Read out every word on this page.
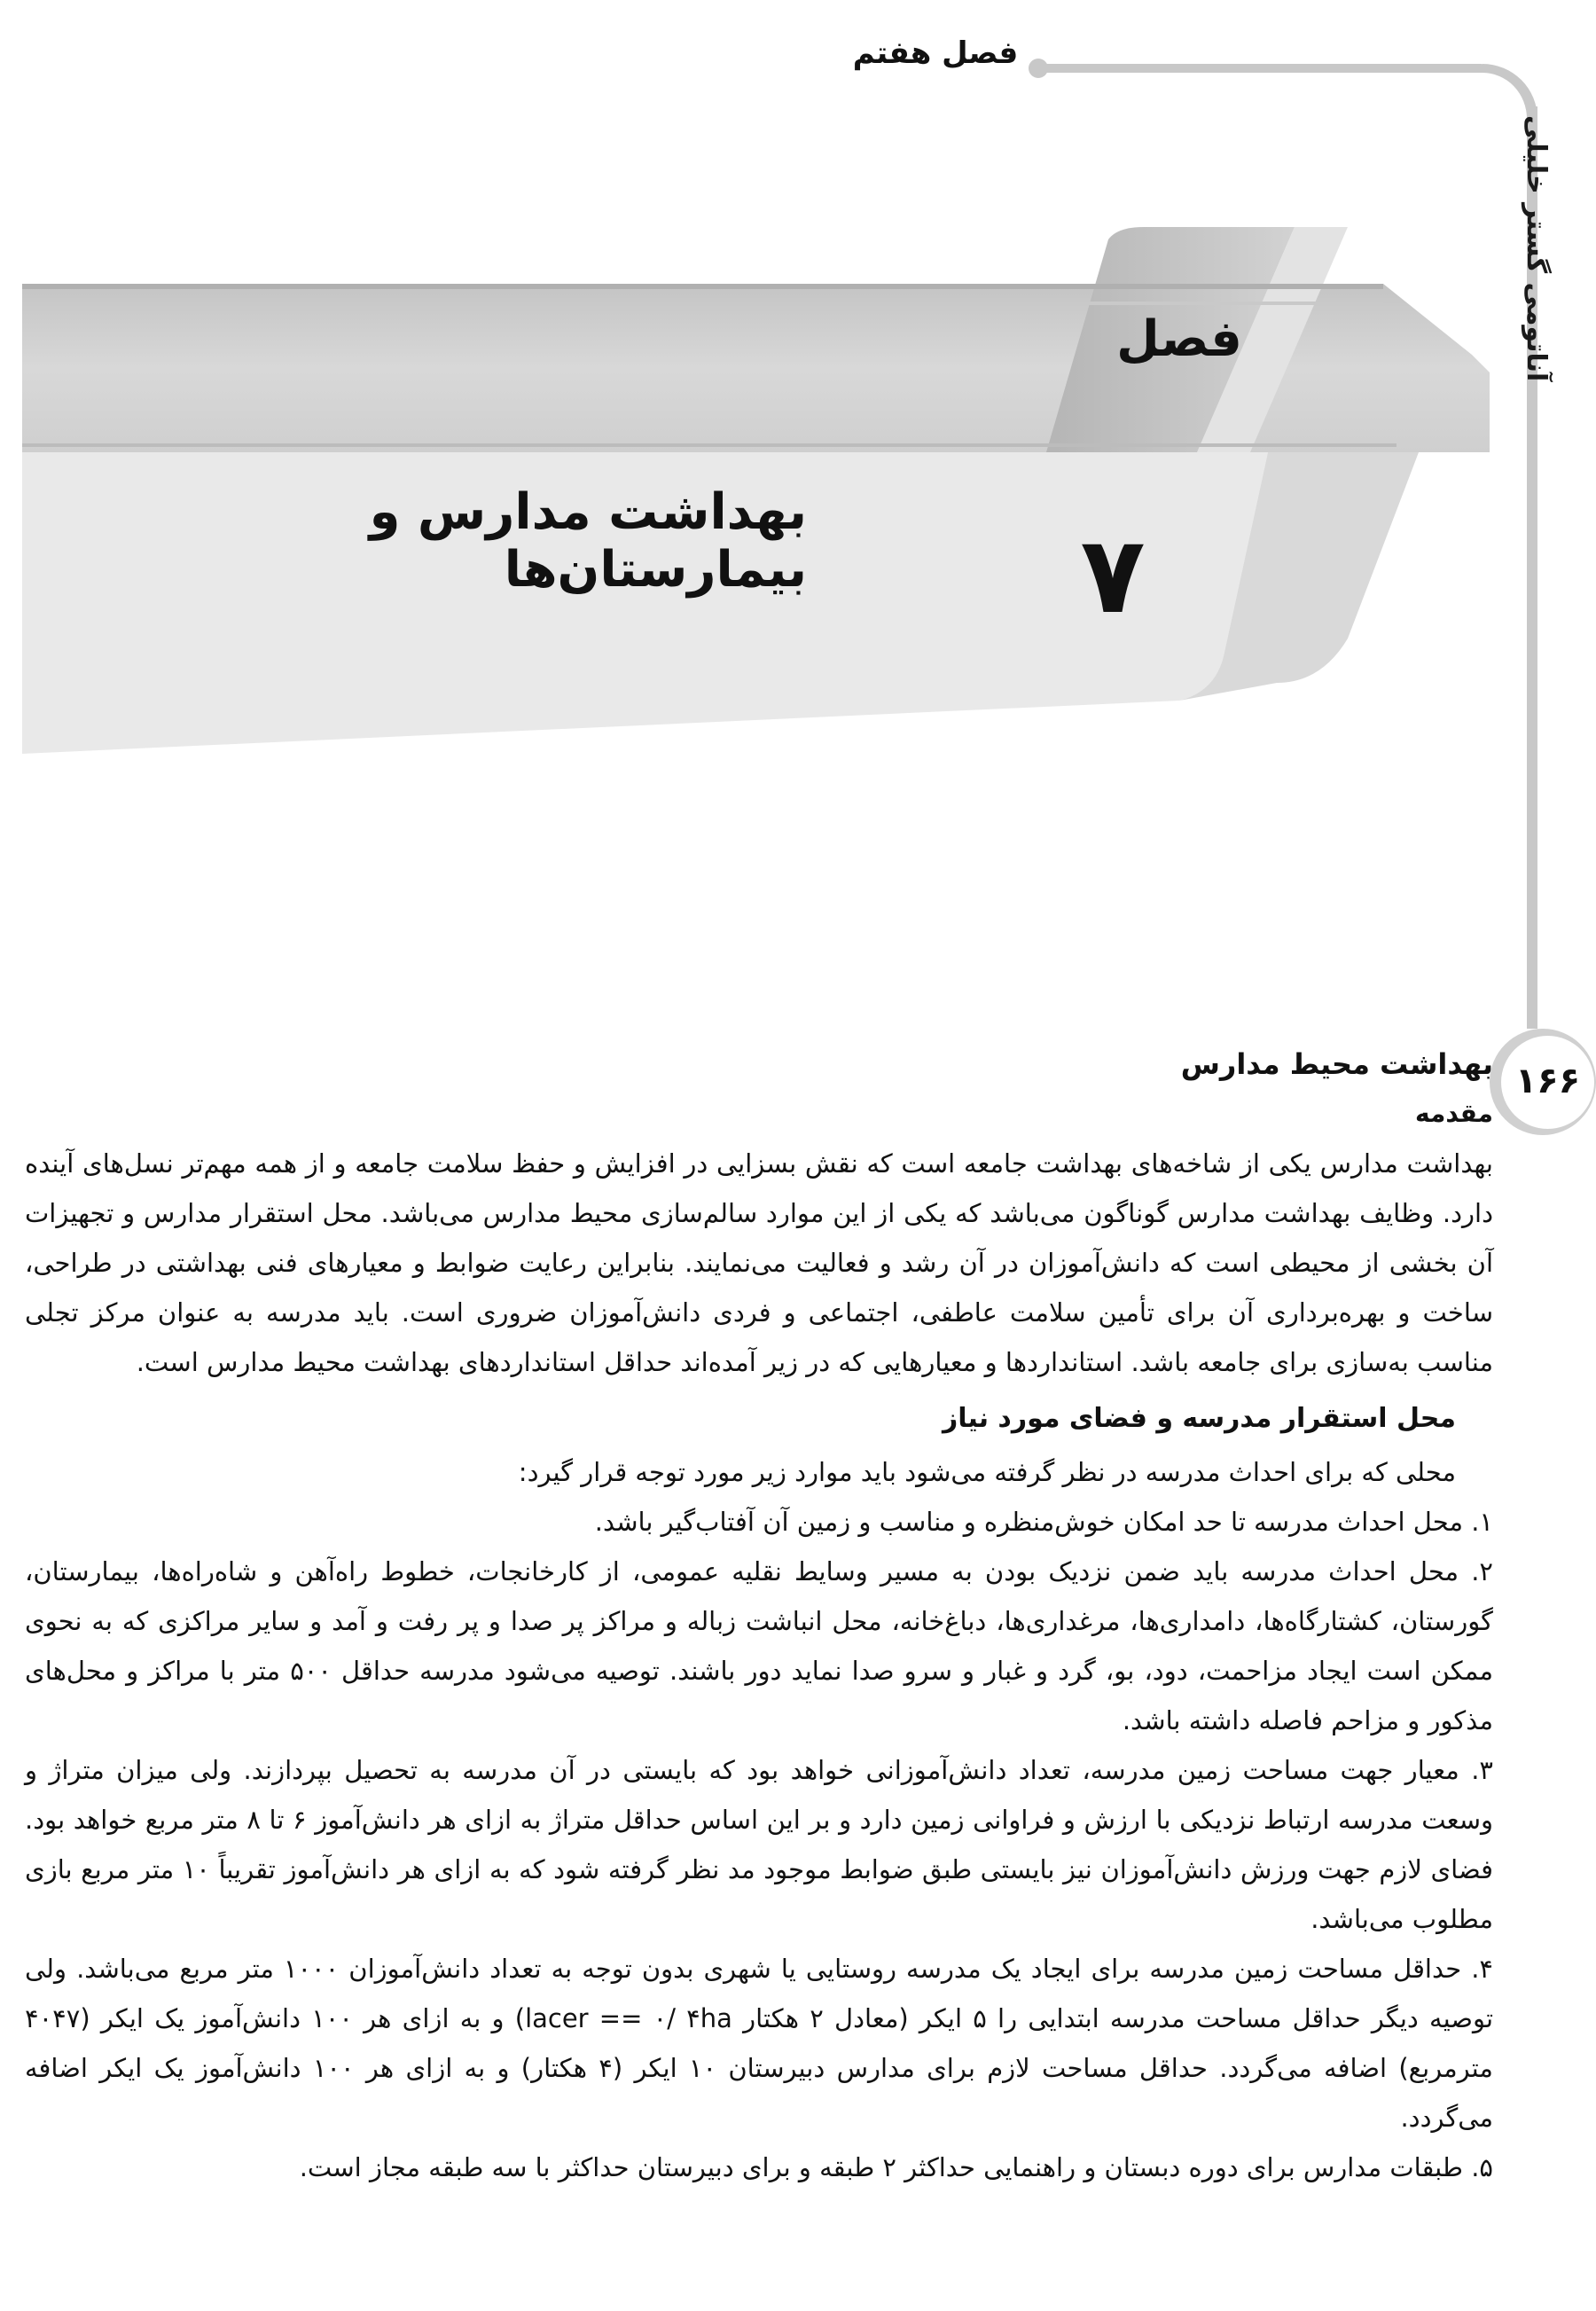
فصل هفتم
آناتومی گستر خلیلی
۱۶۶
فصل
۷
بهداشت مدارس و بیمارستان‌ها
بهداشت محیط مدارس
مقدمه

بهداشت مدارس یکی از شاخه‌های بهداشت جامعه است که نقش بسزایی در افزایش و حفظ سلامت جامعه و از همه مهم‌تر نسل‌های آینده دارد. وظایف بهداشت مدارس گوناگون می‌باشد که یکی از این موارد سالم‌سازی محیط مدارس می‌باشد. محل استقرار مدارس و تجهیزات آن بخشی از محیطی است که دانش‌آموزان در آن رشد و فعالیت می‌نمایند. بنابراین رعایت ضوابط و معیارهای فنی بهداشتی در طراحی، ساخت و بهره‌برداری آن برای تأمین سلامت عاطفی، اجتماعی و فردی دانش‌آموزان ضروری است. باید مدرسه به عنوان مرکز تجلی مناسب به‌سازی برای جامعه باشد. استانداردها و معیارهایی که در زیر آمده‌اند حداقل استانداردهای بهداشت محیط مدارس است.

محل استقرار مدرسه و فضای مورد نیاز

محلی که برای احداث مدرسه در نظر گرفته می‌شود باید موارد زیر مورد توجه قرار گیرد:

۱. محل احداث مدرسه تا حد امکان خوش‌منظره و مناسب و زمین آن آفتاب‌گیر باشد.

۲. محل احداث مدرسه باید ضمن نزدیک بودن به مسیر وسایط نقلیه عمومی، از کارخانجات، خطوط راه‌آهن و شاه‌راه‌ها، بیمارستان، گورستان، کشتارگاه‌ها، دامداری‌ها، مرغداری‌ها، دباغ‌خانه، محل انباشت زباله و مراکز پر صدا و پر رفت و آمد و سایر مراکزی که به نحوی ممکن است ایجاد مزاحمت، دود، بو، گرد و غبار و سرو صدا نماید دور باشند. توصیه می‌شود مدرسه حداقل ۵۰۰ متر با مراکز و محل‌های مذکور و مزاحم فاصله داشته باشد.

۳. معیار جهت مساحت زمین مدرسه، تعداد دانش‌آموزانی خواهد بود که بایستی در آن مدرسه به تحصیل بپردازند. ولی میزان متراژ و وسعت مدرسه ارتباط نزدیکی با ارزش و فراوانی زمین دارد و بر این اساس حداقل متراژ به ازای هر دانش‌آموز ۶ تا ۸ متر مربع خواهد بود. فضای لازم جهت ورزش دانش‌آموزان نیز بایستی طبق ضوابط موجود مد نظر گرفته شود که به ازای هر دانش‌آموز تقریباً ۱۰ متر مربع بازی مطلوب می‌باشد.

۴. حداقل مساحت زمین مدرسه برای ایجاد یک مدرسه روستایی یا شهری بدون توجه به تعداد دانش‌آموزان ۱۰۰۰ متر مربع می‌باشد. ولی توصیه دیگر حداقل مساحت مدرسه ابتدایی را ۵ ایکر (معادل ۲ هکتار lacer == ۰/ ۴ha) و به ازای هر ۱۰۰ دانش‌آموز یک ایکر (۴۰۴۷ مترمربع) اضافه می‌گردد. حداقل مساحت لازم برای مدارس دبیرستان ۱۰ ایکر (۴ هکتار) و به ازای هر ۱۰۰ دانش‌آموز یک ایکر اضافه می‌گردد.

۵. طبقات مدارس برای دوره دبستان و راهنمایی حداکثر ۲ طبقه و برای دبیرستان حداکثر با سه طبقه مجاز است.
